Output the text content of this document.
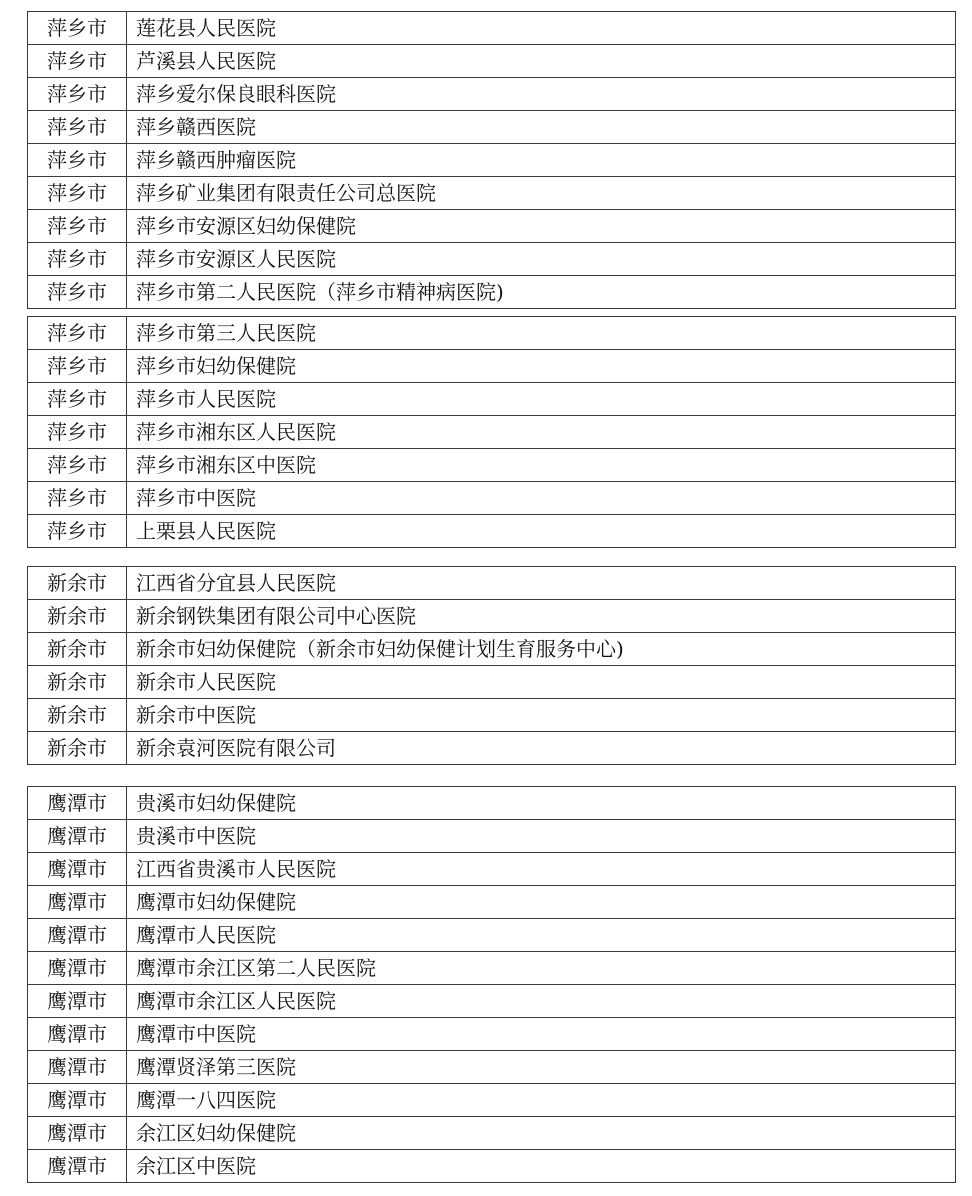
萍乡市	莲花县人民医院
萍乡市	芦溪县人民医院
萍乡市	萍乡爱尔保良眼科医院
萍乡市	萍乡赣西医院
萍乡市	萍乡赣西肿瘤医院
萍乡市	萍乡矿业集团有限责任公司总医院
萍乡市	萍乡市安源区妇幼保健院
萍乡市	萍乡市安源区人民医院
萍乡市	萍乡市第二人民医院（萍乡市精神病医院)
萍乡市	萍乡市第三人民医院
萍乡市	萍乡市妇幼保健院
萍乡市	萍乡市人民医院
萍乡市	萍乡市湘东区人民医院
萍乡市	萍乡市湘东区中医院
萍乡市	萍乡市中医院
萍乡市	上栗县人民医院
新余市	江西省分宜县人民医院
新余市	新余钢铁集团有限公司中心医院
新余市	新余市妇幼保健院（新余市妇幼保健计划生育服务中心)
新余市	新余市人民医院
新余市	新余市中医院
新余市	新余袁河医院有限公司
鹰潭市	贵溪市妇幼保健院
鹰潭市	贵溪市中医院
鹰潭市	江西省贵溪市人民医院
鹰潭市	鹰潭市妇幼保健院
鹰潭市	鹰潭市人民医院
鹰潭市	鹰潭市余江区第二人民医院
鹰潭市	鹰潭市余江区人民医院
鹰潭市	鹰潭市中医院
鹰潭市	鹰潭贤泽第三医院
鹰潭市	鹰潭一八四医院
鹰潭市	余江区妇幼保健院
鹰潭市	余江区中医院
